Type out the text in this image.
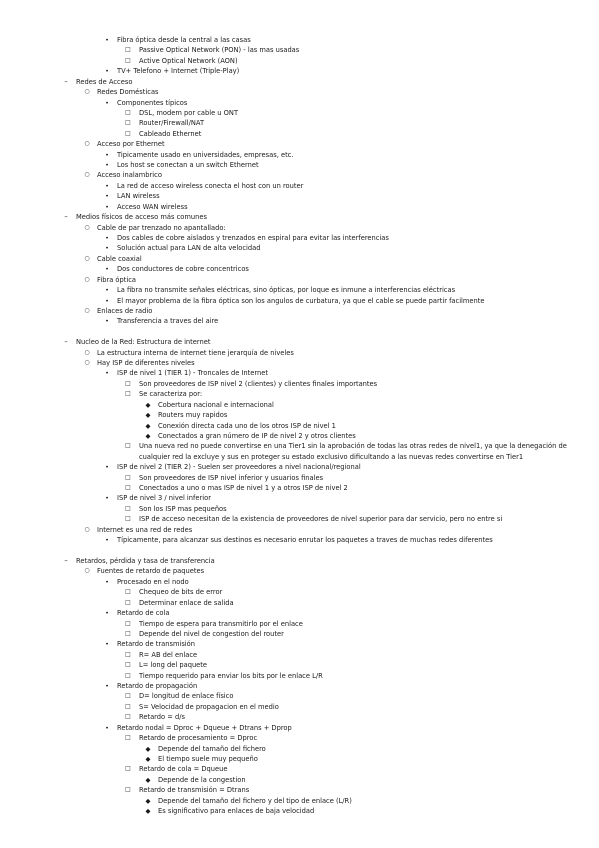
•	Fibra óptica desde la central a las casas
□ Passive Optical Network (PON) - las mas usadas
□ Active Optical Network (AON)
•	TV+ Telefono + Internet (Triple-Play)
–	Redes de Acceso
○ Redes Domésticas
•	Componentes típicos
□ DSL, modem por cable u ONT
□ Router/Firewall/NAT
□ Cableado Ethernet
○ Acceso por Ethernet
•	Tipicamente usado en universidades, empresas, etc.
•	Los host se conectan a un switch Ethernet
○ Acceso inalambrico
•	La red de acceso wireless conecta el host con un router
•	LAN wireless
•	Acceso WAN wireless
–	Medios físicos de acceso más comunes
○ Cable de par trenzado no apantallado:
•	Dos cables de cobre aislados y trenzados en espiral para evitar las interferencias
•	Solución actual para LAN de alta velocidad
○ Cable coaxial
•	Dos conductores de cobre concentricos
○ Fibra óptica
•	La fibra no transmite señales eléctricas, sino ópticas, por loque es inmune a interferencias eléctricas
•	El mayor problema de la fibra óptica son los angulos de curbatura, ya que el cable se puede partir facilmente
○ Enlaces de radio
•	Transferencia a traves del aire
–	Nucleo de la Red: Estructura de internet
○ La estructura interna de internet tiene jerarquía de niveles
○ Hay ISP de diferentes niveles
•	ISP de nivel 1 (TIER 1) - Troncales de Internet
□ Son proveedores de ISP nivel 2 (clientes) y clientes finales importantes
□ Se caracteriza por:
◆ Cobertura nacional e internacional
◆ Routers muy rapidos
◆ Conexión directa cada uno de los otros ISP de nivel 1
◆ Conectados a gran número de IP de nivel 2 y otros clientes
□ Una nueva red no puede convertirse en una Tier1 sin la aprobación de todas las otras redes de nivel1, ya que la denegación de
cualquier red la excluye y sus en proteger su estado exclusivo dificultando a las nuevas redes convertirse en Tier1
•	ISP de nivel 2 (TIER 2) - Suelen ser proveedores a nivel nacional/regional
□ Son proveedores de ISP nivel inferior y usuarios finales
□ Conectados a uno o mas ISP de nivel 1 y a otros ISP de nivel 2
•	ISP de nivel 3 / nivel inferior
□ Son los ISP mas pequeños
□ ISP de acceso necesitan de la existencia de proveedores de nivel superior para dar servicio, pero no entre si
○ Internet es una red de redes
•	Típicamente, para alcanzar sus destinos es necesario enrutar los paquetes a traves de muchas redes diferentes
–	Retardos, pérdida y tasa de transferencia
○ Fuentes de retardo de paquetes
•	Procesado en el nodo
□ Chequeo de bits de error
□ Determinar enlace de salida
•	Retardo de cola
□ Tiempo de espera para transmitirlo por el enlace
□ Depende del nivel de congestion del router
•	Retardo de transmisión
□ R= AB del enlace
□ L= long del paquete
□ Tiempo requerido para enviar los bits por le enlace L/R
•	Retardo de propagación
□ D= longitud de enlace físico
□ S= Velocidad de propagacion en el medio
□ Retardo = d/s
•	Retardo nodal = Dproc + Dqueue + Dtrans + Dprop
□ Retardo de procesamiento = Dproc
◆ Depende del tamaño del fichero
◆ El tiempo suele muy pequeño
□ Retardo de cola = Dqueue
◆ Depende de la congestion
□ Retardo de transmisión = Dtrans
◆ Depende del tamaño del fichero y del tipo de enlace (L/R)
◆ Es significativo para enlaces de baja velocidad
